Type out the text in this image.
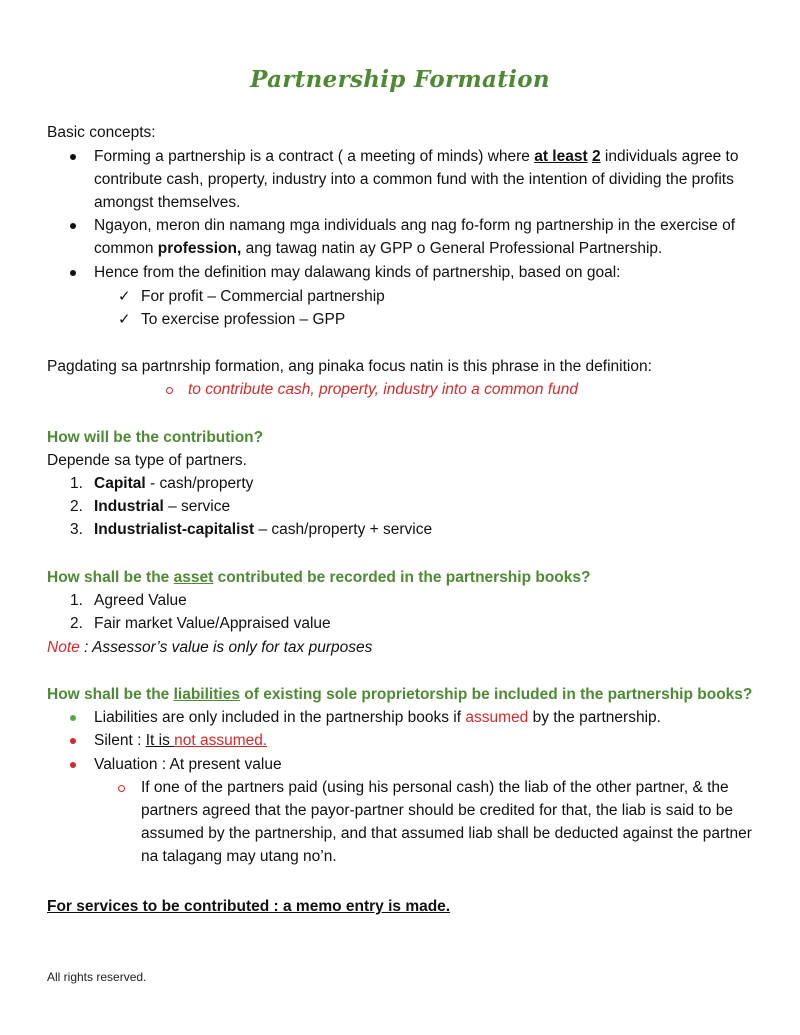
Partnership Formation
Basic concepts:
Forming a partnership is a contract ( a meeting of minds) where at least 2 individuals agree to
contribute cash, property, industry into a common fund with the intention of dividing the profits
amongst themselves.
Ngayon, meron din namang mga individuals ang nag fo-form ng partnership in the exercise of
common profession, ang tawag natin ay GPP o General Professional Partnership.
Hence from the definition may dalawang kinds of partnership, based on goal:
✓ For profit – Commercial partnership
✓ To exercise profession – GPP
Pagdating sa partnrship formation, ang pinaka focus natin is this phrase in the definition:
to contribute cash, property, industry into a common fund
How will be the contribution?
Depende sa type of partners.
1. Capital - cash/property
2. Industrial – service
3. Industrialist-capitalist – cash/property + service
How shall be the asset contributed be recorded in the partnership books?
1. Agreed Value
2. Fair market Value/Appraised value
Note : Assessor’s value is only for tax purposes
How shall be the liabilities of existing sole proprietorship be included in the partnership books?
Liabilities are only included in the partnership books if assumed by the partnership.
Silent : It is not assumed.
Valuation : At present value
If one of the partners paid (using his personal cash) the liab of the other partner, & the
partners agreed that the payor-partner should be credited for that, the liab is said to be
assumed by the partnership, and that assumed liab shall be deducted against the partner
na talagang may utang no’n.
For services to be contributed : a memo entry is made.
All rights reserved.
